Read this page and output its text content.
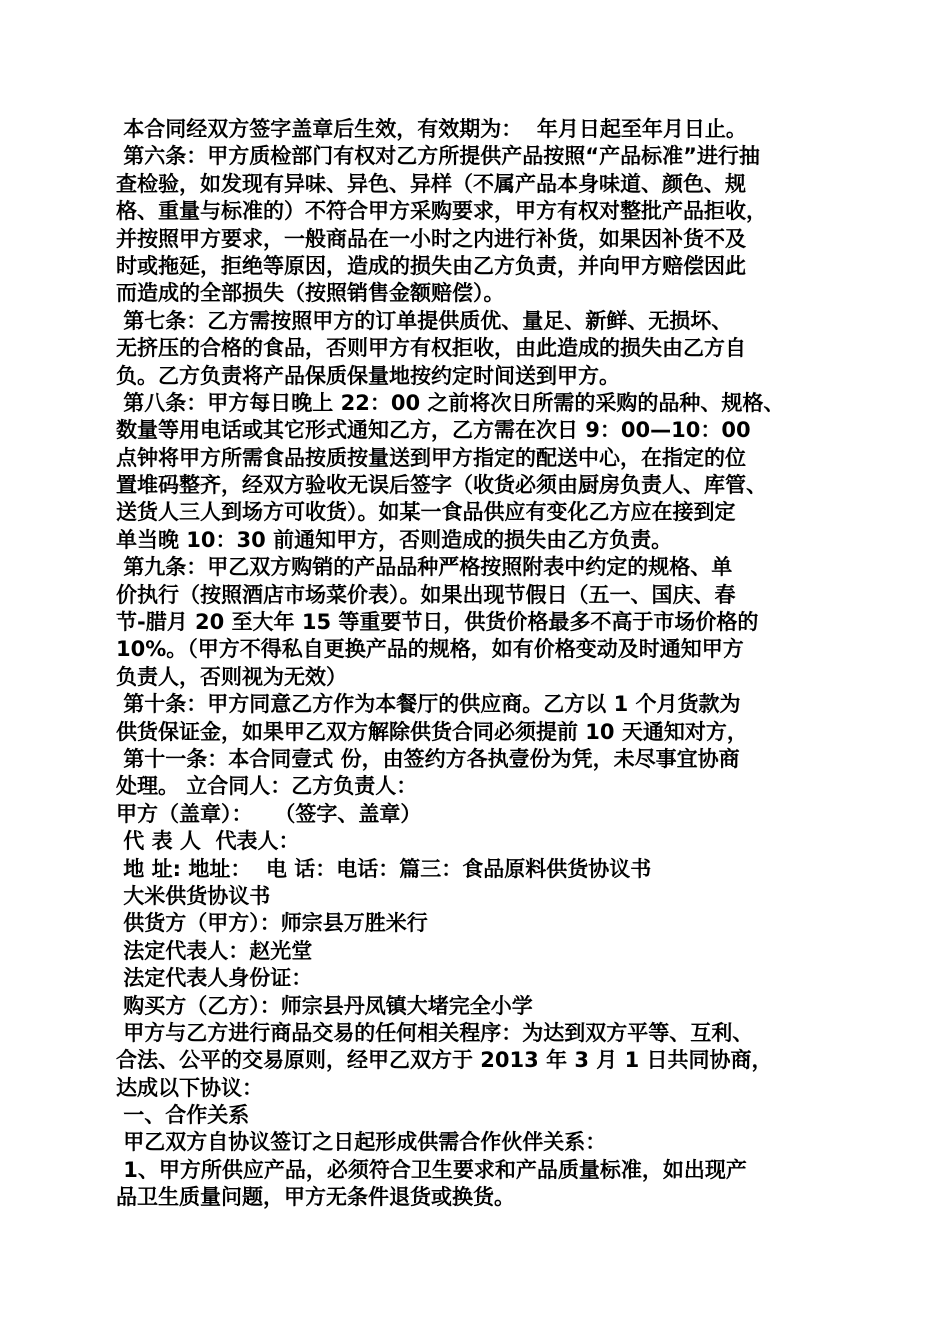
本合同经双方签字盖章后生效，有效期为：  年月日起至年月日止。
第六条：甲方质检部门有权对乙方所提供产品按照“产品标准”进行抽
查检验，如发现有异味、异色、异样（不属产品本身味道、颜色、规
格、重量与标准的）不符合甲方采购要求，甲方有权对整批产品拒收，
并按照甲方要求，一般商品在一小时之内进行补货，如果因补货不及
时或拖延，拒绝等原因，造成的损失由乙方负责，并向甲方赔偿因此
而造成的全部损失（按照销售金额赔偿）。
第七条：乙方需按照甲方的订单提供质优、量足、新鲜、无损坏、
无挤压的合格的食品，否则甲方有权拒收，由此造成的损失由乙方自
负。乙方负责将产品保质保量地按约定时间送到甲方。
第八条：甲方每日晚上 22：00 之前将次日所需的采购的品种、规格、
数量等用电话或其它形式通知乙方，乙方需在次日 9：00—10：00
点钟将甲方所需食品按质按量送到甲方指定的配送中心，在指定的位
置堆码整齐，经双方验收无误后签字（收货必须由厨房负责人、库管、
送货人三人到场方可收货）。如某一食品供应有变化乙方应在接到定
单当晚 10：30 前通知甲方，否则造成的损失由乙方负责。
第九条：甲乙双方购销的产品品种严格按照附表中约定的规格、单
价执行（按照酒店市场菜价表）。如果出现节假日（五一、国庆、春
节-腊月 20 至大年 15 等重要节日，供货价格最多不高于市场价格的
10%。（甲方不得私自更换产品的规格，如有价格变动及时通知甲方
负责人，否则视为无效）
第十条：甲方同意乙方作为本餐厅的供应商。乙方以 1 个月货款为
供货保证金，如果甲乙双方解除供货合同必须提前 10 天通知对方，
第十一条：本合同壹式 份，由签约方各执壹份为凭，未尽事宜协商
处理。 立合同人：乙方负责人：
甲方（盖章）：   （签字、盖章）
代 表 人  代表人：
地 址: 地址：  电 话：电话：篇三：食品原料供货协议书
大米供货协议书
供货方（甲方）：师宗县万胜米行
法定代表人：赵光堂
法定代表人身份证：
购买方（乙方）：师宗县丹凤镇大堵完全小学
甲方与乙方进行商品交易的任何相关程序：为达到双方平等、互利、
合法、公平的交易原则，经甲乙双方于 2013 年 3 月 1 日共同协商，
达成以下协议：
一、合作关系
甲乙双方自协议签订之日起形成供需合作伙伴关系：
1、甲方所供应产品，必须符合卫生要求和产品质量标准，如出现产
品卫生质量问题，甲方无条件退货或换货。
